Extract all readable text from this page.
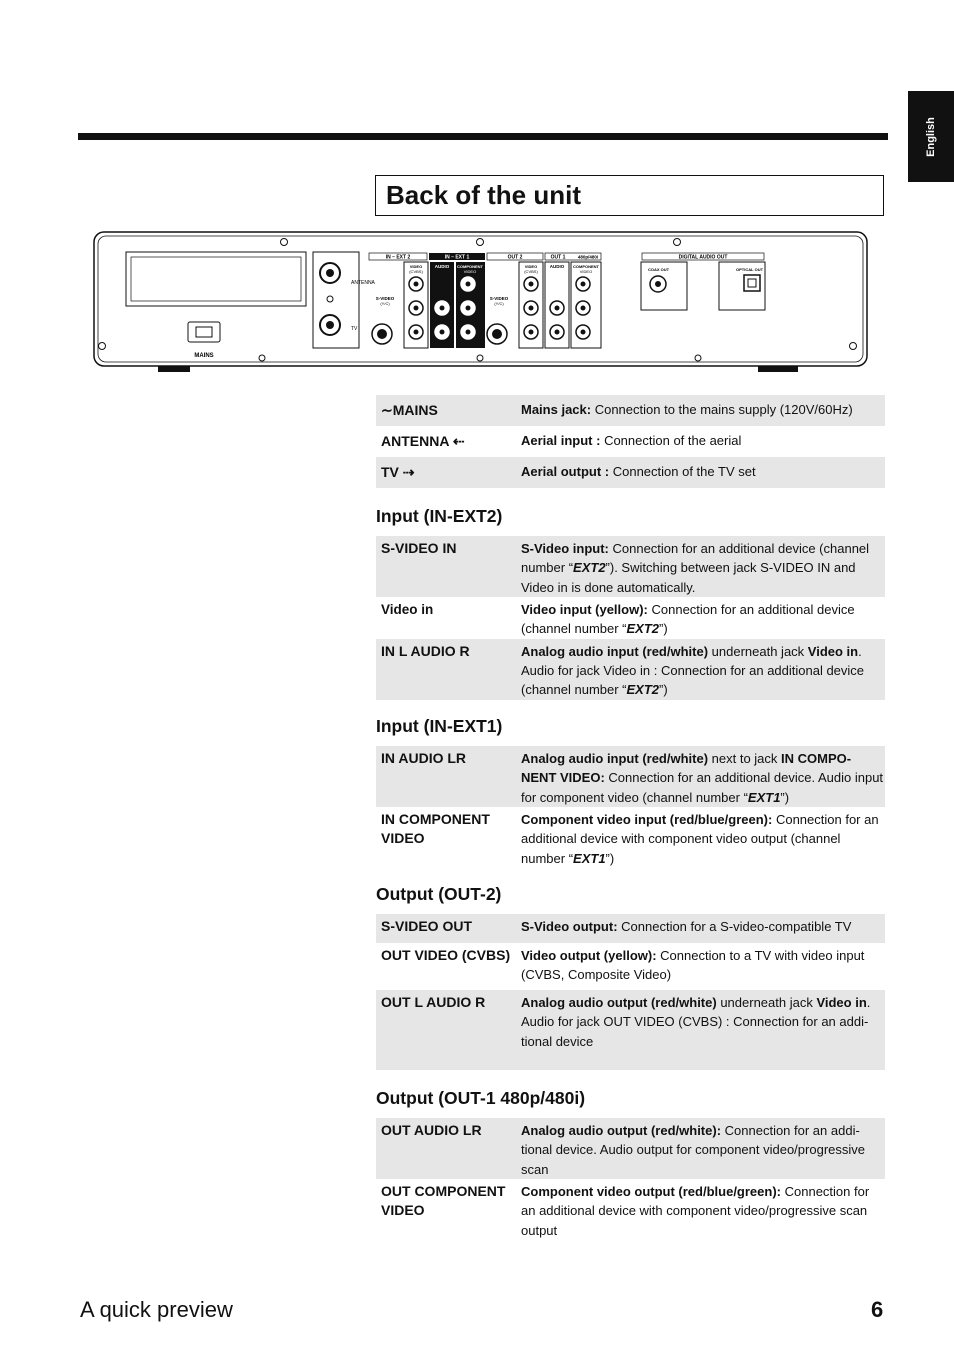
English
Back of the unit
MAINS
ANTENNA
TV
IN – EXT 2	IN – EXT 1	OUT 2	OUT 1	480p/480i
S-VIDEO
(Y/C)
VIDEO
(CVBS)
AUDIO COMPONENT
VIDEO
S-VIDEO
(Y/C)
VIDEO
(CVBS)
AUDIO COMPONENT
VIDEO
DIGITAL AUDIO OUT
COAX OUT	OPTICAL OUT
∼MAINS	Mains jack: Connection to the mains supply (120V/60Hz)
ANTENNA ⇠	Aerial input : Connection of the aerial
TV ⇢	Aerial output : Connection of the TV set
Input (IN-EXT2)
S-VIDEO IN	S-Video input: Connection for an additional device (channel number “EXT2”). Switching between jack S-VIDEO IN and Video in is done automatically.
Video in	Video input (yellow): Connection for an additional device (channel number “EXT2”)
IN L AUDIO R	Analog audio input (red/white) underneath jack Video in.
Audio for jack Video in : Connection for an additional device (channel number “EXT2”)
Input (IN-EXT1)
IN AUDIO LR	Analog audio input (red/white) next to jack IN COMPO-NENT VIDEO: Connection for an additional device. Audio input for component video (channel number “EXT1”)
IN COMPONENT VIDEO	Component video input (red/blue/green): Connection for an additional device with component video output (channel number “EXT1”)
Output (OUT-2)
S-VIDEO OUT	S-Video output: Connection for a S-video-compatible TV
OUT VIDEO (CVBS)	Video output (yellow): Connection to a TV with video input (CVBS, Composite Video)
OUT L AUDIO R	Analog audio output (red/white) underneath jack Video in.
Audio for jack OUT VIDEO (CVBS) : Connection for an addi-tional device
Output (OUT-1 480p/480i)
OUT AUDIO LR	Analog audio output (red/white): Connection for an addi-tional device. Audio output for component video/progressive scan
OUT COMPONENT VIDEO	Component video output (red/blue/green): Connection for an additional device with component video/progressive scan output
A quick preview	6
